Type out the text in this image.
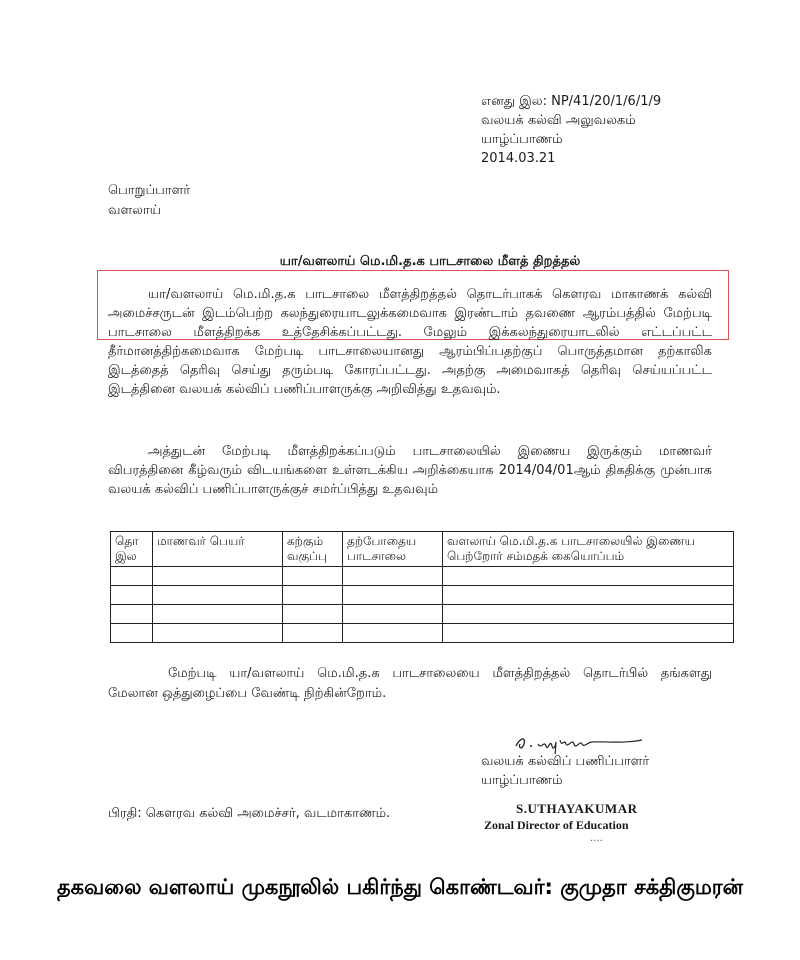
எனது இல: NP/41/20/1/6/1/9
வலயக் கல்வி அலுவலகம்
யாழ்ப்பாணம்
2014.03.21
பொறுப்பாளர்
வளலாய்
யா/வளலாய் மெ.மி.த.க பாடசாலை மீளத் திறத்தல்
யா/வளலாய் மெ.மி.த.க பாடசாலை மீளத்திறத்தல் தொடர்பாகக் கௌரவ மாகாணக் கல்வி அமைச்சருடன் இடம்பெற்ற கலந்துரையாடலுக்கமைவாக இரண்டாம் தவணை ஆரம்பத்தில் மேற்படி பாடசாலை மீளத்திறக்க உத்தேசிக்கப்பட்டது. மேலும் இக்கலந்துரையாடலில் எட்டப்பட்ட தீர்மானத்திற்கமைவாக மேற்படி பாடசாலையானது ஆரம்பிப்பதற்குப் பொருத்தமான தற்காலிக இடத்தைத் தெரிவு செய்து தரும்படி கோரப்பட்டது. அதற்கு அமைவாகத் தெரிவு செய்யப்பட்ட இடத்தினை வலயக் கல்விப் பணிப்பாளருக்கு அறிவித்து உதவவும்.
அத்துடன் மேற்படி மீளத்திறக்கப்படும் பாடசாலையில் இணைய இருக்கும் மாணவர் விபரத்தினை கீழ்வரும் விடயங்களை உள்ளடக்கிய அறிக்கையாக 2014/04/01ஆம் திகதிக்கு முன்பாக வலயக் கல்விப் பணிப்பாளருக்குச் சமர்ப்பித்து உதவவும்
தொ இல	மாணவர் பெயர்	கற்கும் வகுப்பு	தற்போதைய பாடசாலை	வளலாய் மெ.மி.த.க பாடசாலையில் இணைய பெற்றோர் சம்மதக் கையொப்பம்

மேற்படி யா/வளலாய் மெ.மி.த.க பாடசாலையை மீளத்திறத்தல் தொடர்பில் தங்களது மேலான ஒத்துழைப்பை வேண்டி நிற்கின்றோம்.
வலயக் கல்விப் பணிப்பாளர்
யாழ்ப்பாணம்
S.UTHAYAKUMAR
Zonal Director of Education
....
பிரதி: கௌரவ கல்வி அமைச்சர், வடமாகாணம்.
தகவலை வளலாய் முகநூலில் பகிர்ந்து கொண்டவர்: குமுதா சக்திகுமரன்
